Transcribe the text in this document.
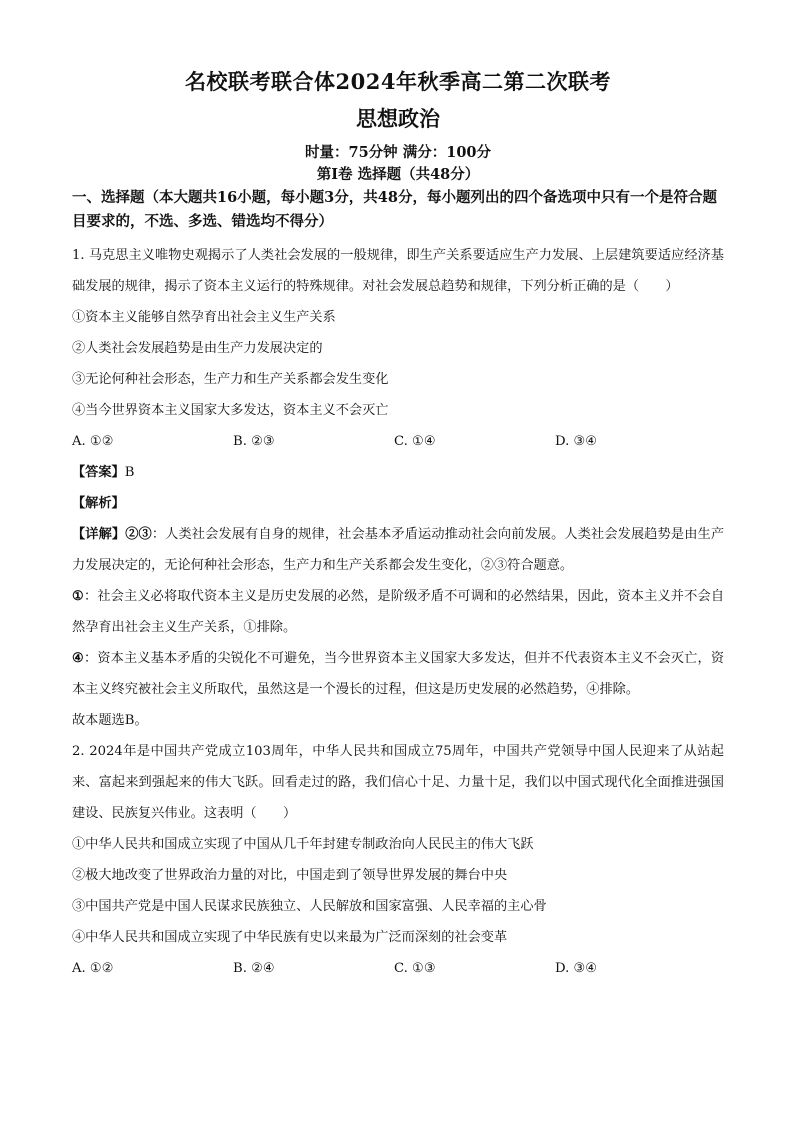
名校联考联合体2024年秋季高二第二次联考
思想政治
时量：75分钟 满分：100分
第Ⅰ卷 选择题（共48分）
一、选择题（本大题共16小题，每小题3分，共48分，每小题列出的四个备选项中只有一个是符合题目要求的，不选、多选、错选均不得分）

1. 马克思主义唯物史观揭示了人类社会发展的一般规律，即生产关系要适应生产力发展、上层建筑要适应经济基础发展的规律，揭示了资本主义运行的特殊规律。对社会发展总趋势和规律，下列分析正确的是（　　）

①资本主义能够自然孕育出社会主义生产关系

②人类社会发展趋势是由生产力发展决定的

③无论何种社会形态，生产力和生产关系都会发生变化

④当今世界资本主义国家大多发达，资本主义不会灭亡

A. ①②	B. ②③	C. ①④	D. ③④

【答案】B

【解析】

【详解】②③：人类社会发展有自身的规律，社会基本矛盾运动推动社会向前发展。人类社会发展趋势是由生产力发展决定的，无论何种社会形态，生产力和生产关系都会发生变化，②③符合题意。

①：社会主义必将取代资本主义是历史发展的必然，是阶级矛盾不可调和的必然结果，因此，资本主义并不会自然孕育出社会主义生产关系，①排除。

④：资本主义基本矛盾的尖锐化不可避免，当今世界资本主义国家大多发达，但并不代表资本主义不会灭亡，资本主义终究被社会主义所取代，虽然这是一个漫长的过程，但这是历史发展的必然趋势，④排除。

故本题选B。

2. 2024年是中国共产党成立103周年，中华人民共和国成立75周年，中国共产党领导中国人民迎来了从站起来、富起来到强起来的伟大飞跃。回看走过的路，我们信心十足、力量十足，我们以中国式现代化全面推进强国建设、民族复兴伟业。这表明（　　）

①中华人民共和国成立实现了中国从几千年封建专制政治向人民民主的伟大飞跃

②极大地改变了世界政治力量的对比，中国走到了领导世界发展的舞台中央

③中国共产党是中国人民谋求民族独立、人民解放和国家富强、人民幸福的主心骨

④中华人民共和国成立实现了中华民族有史以来最为广泛而深刻的社会变革

A. ①②	B. ②④	C. ①③	D. ③④
